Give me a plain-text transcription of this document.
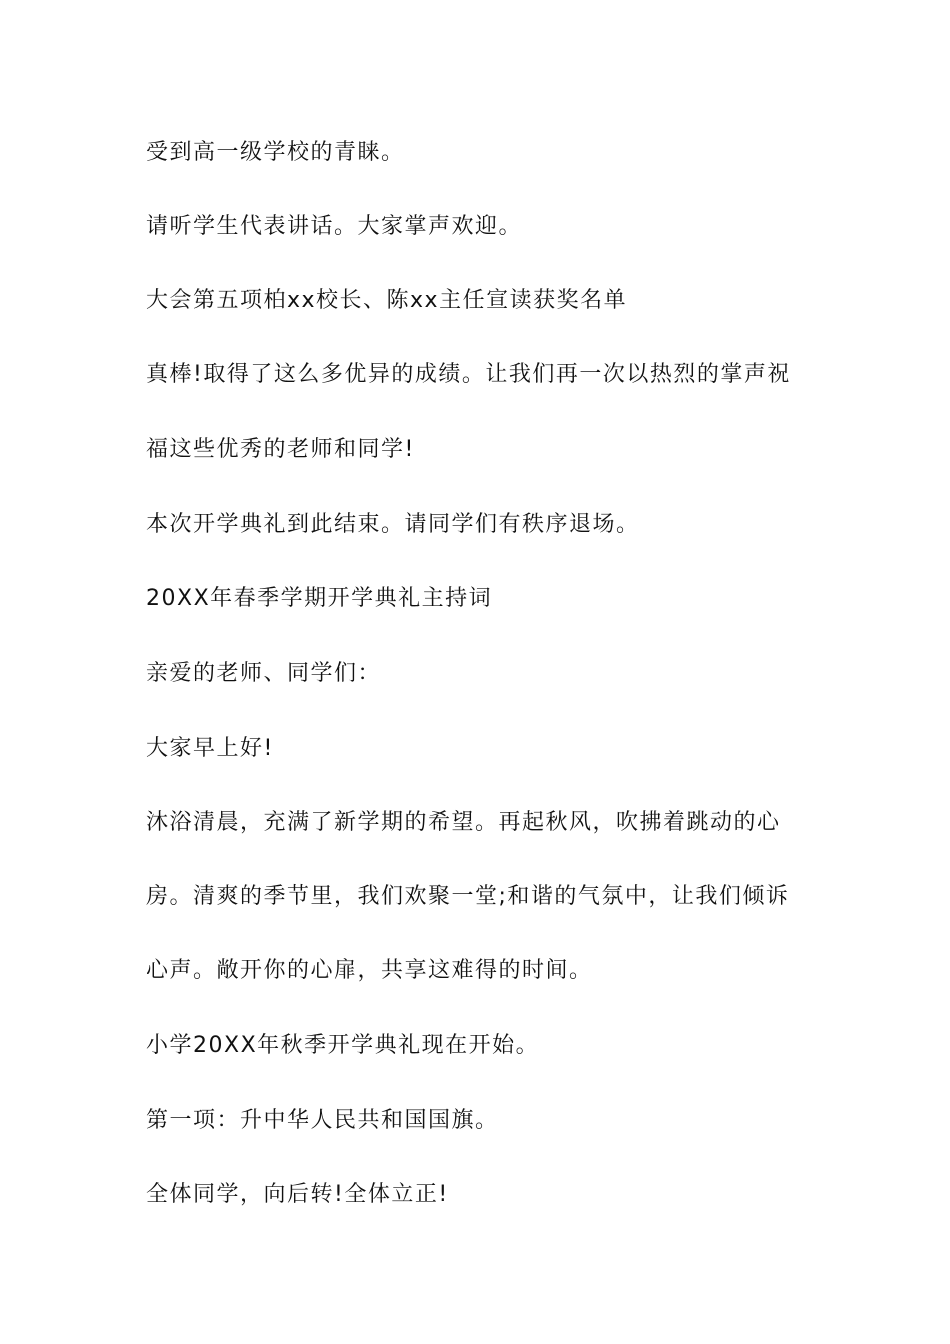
受到高一级学校的青睐。
请听学生代表讲话。大家掌声欢迎。
大会第五项柏xx校长、陈xx主任宣读获奖名单
真棒!取得了这么多优异的成绩。让我们再一次以热烈的掌声祝
福这些优秀的老师和同学!
本次开学典礼到此结束。请同学们有秩序退场。
20XX年春季学期开学典礼主持词
亲爱的老师、同学们：
大家早上好!
沐浴清晨，充满了新学期的希望。再起秋风，吹拂着跳动的心
房。清爽的季节里，我们欢聚一堂;和谐的气氛中，让我们倾诉
心声。敞开你的心扉，共享这难得的时间。
小学20XX年秋季开学典礼现在开始。
第一项：升中华人民共和国国旗。
全体同学，向后转!全体立正!
